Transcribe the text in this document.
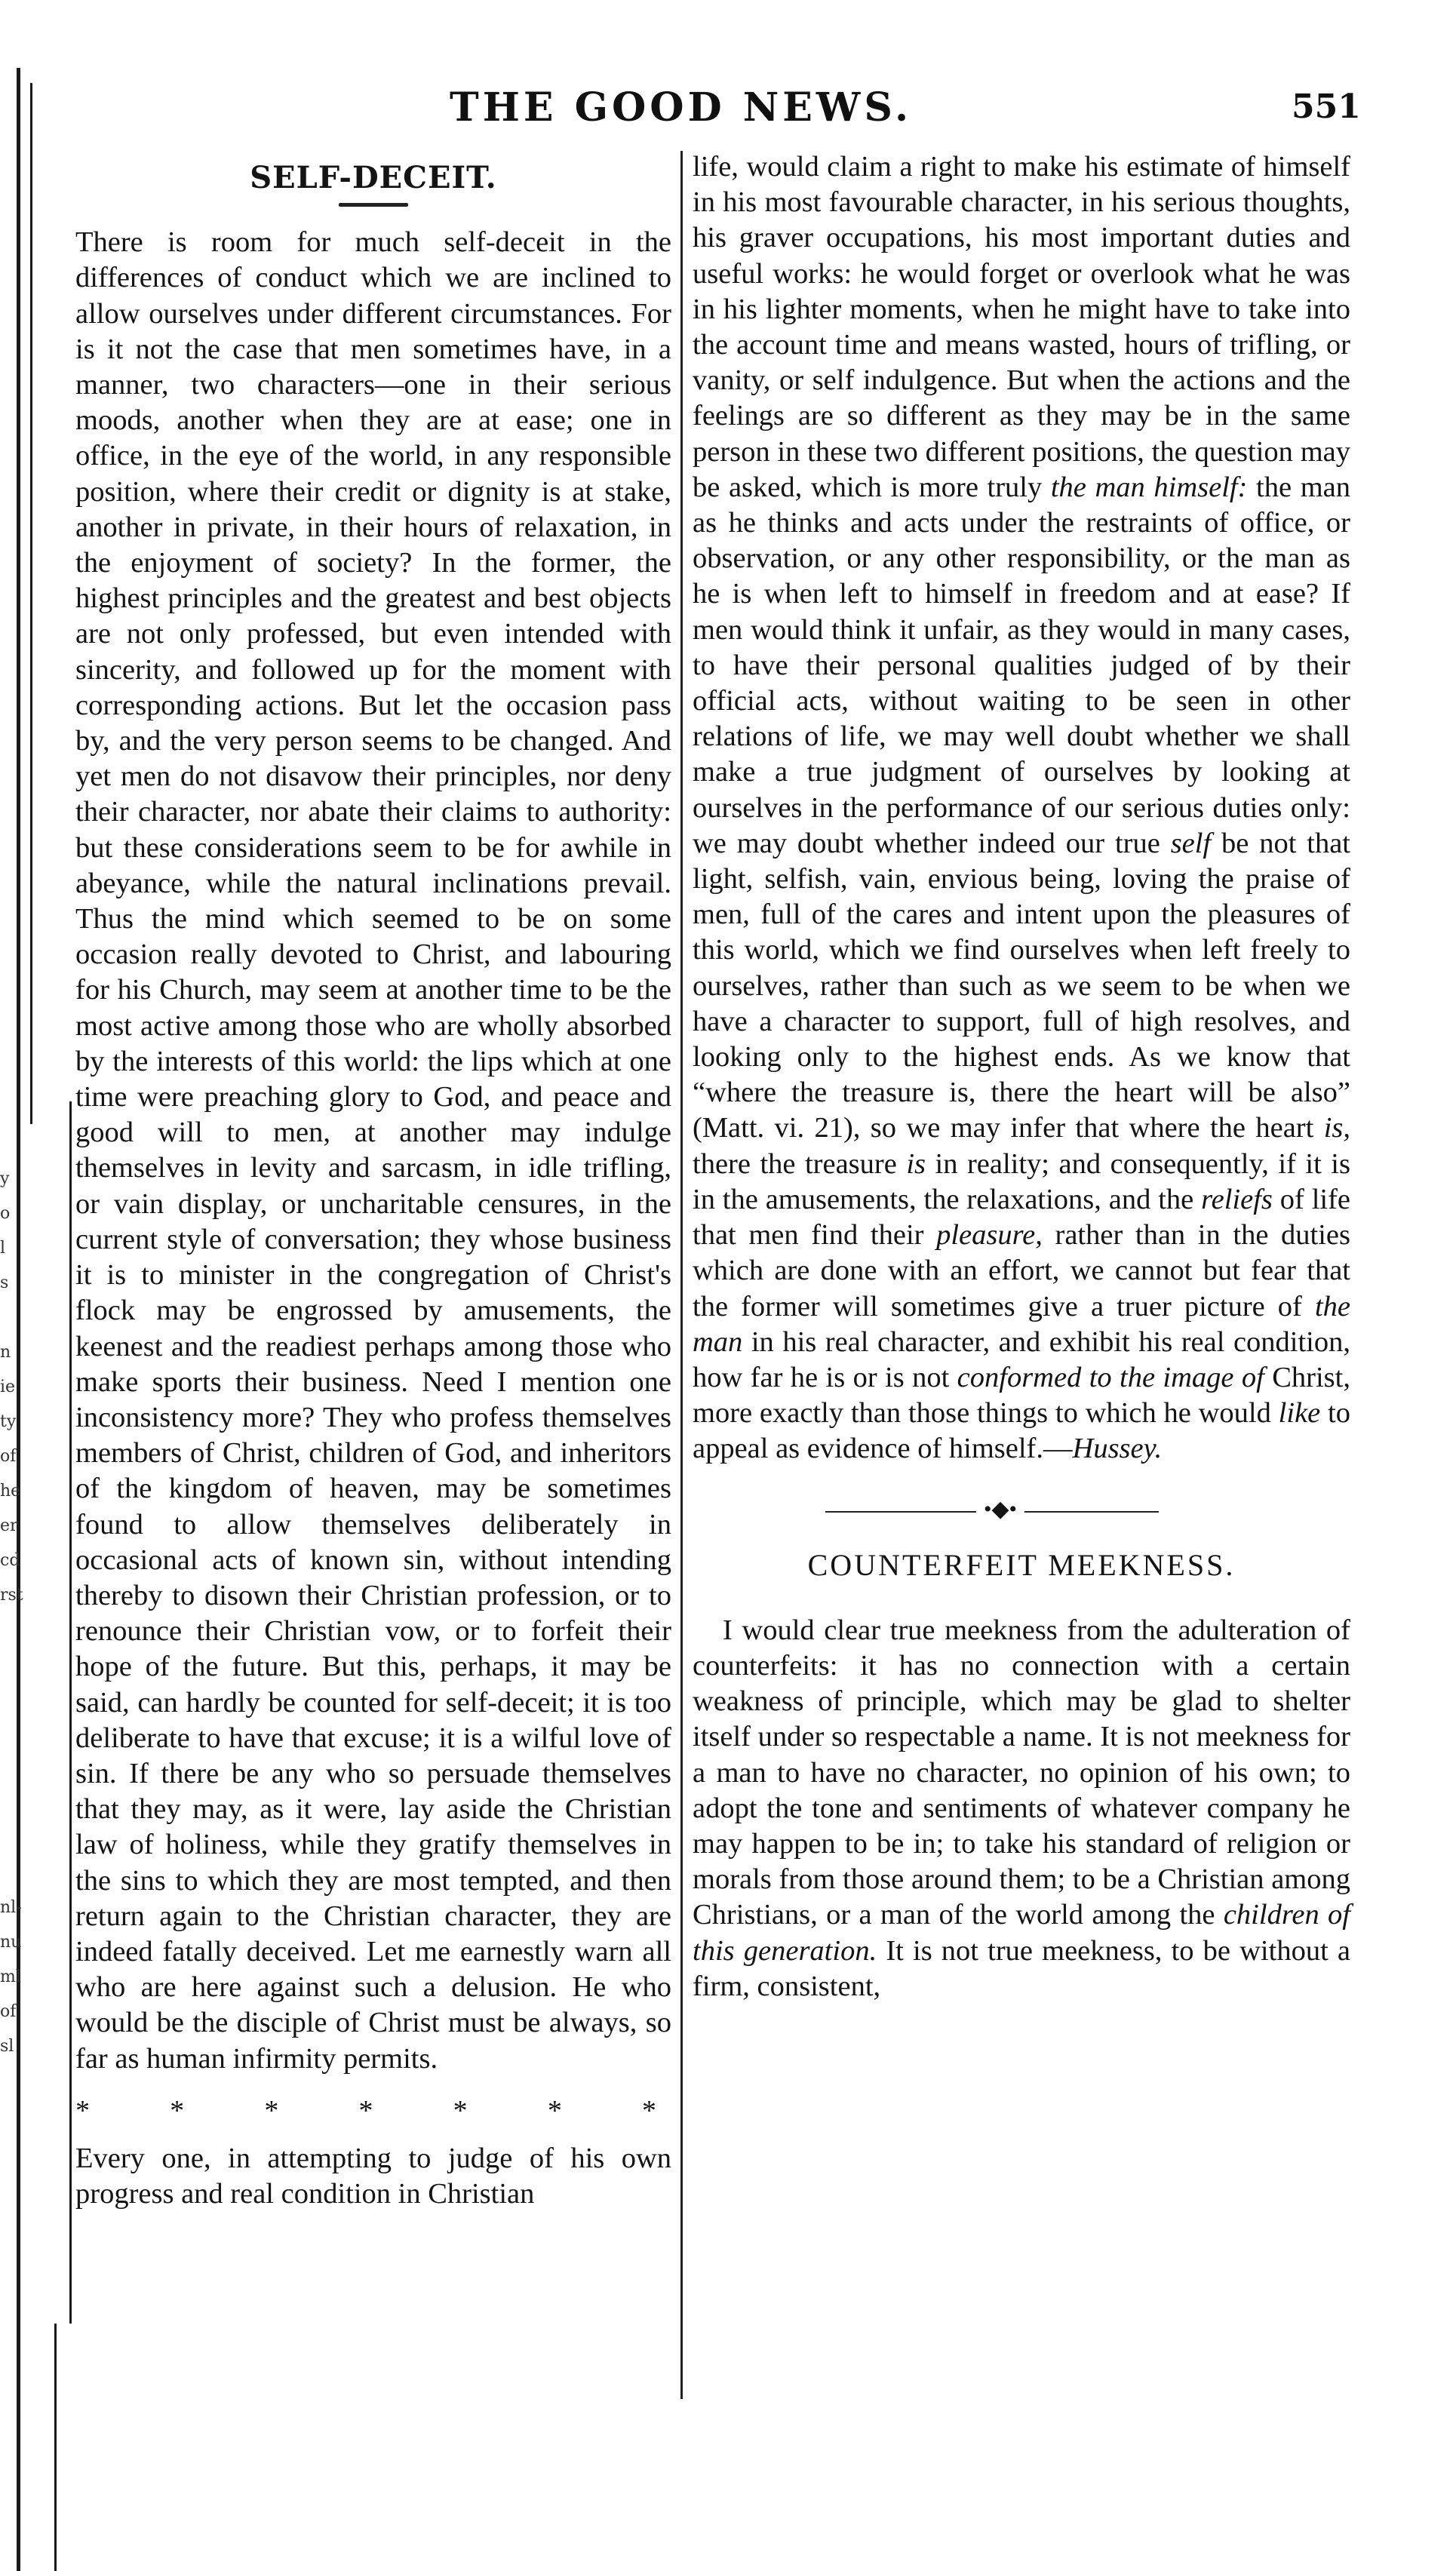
y
o
l
s

n
ie
ty
of
he
er
cd
rst

nl-
nu
ml
of
sl
THE GOOD NEWS.	551
SELF-DECEIT.

There is room for much self-deceit in the differences of conduct which we are inclined to allow ourselves under different circumstances. For is it not the case that men sometimes have, in a manner, two characters—one in their serious moods, another when they are at ease; one in office, in the eye of the world, in any responsible position, where their credit or dignity is at stake, another in private, in their hours of relaxation, in the enjoyment of society? In the former, the highest principles and the greatest and best objects are not only professed, but even intended with sincerity, and followed up for the moment with corresponding actions. But let the occasion pass by, and the very person seems to be changed. And yet men do not disavow their principles, nor deny their character, nor abate their claims to authority: but these considerations seem to be for awhile in abeyance, while the natural inclinations prevail. Thus the mind which seemed to be on some occasion really devoted to Christ, and labouring for his Church, may seem at another time to be the most active among those who are wholly absorbed by the interests of this world: the lips which at one time were preaching glory to God, and peace and good will to men, at another may indulge themselves in levity and sarcasm, in idle trifling, or vain display, or uncharitable censures, in the current style of conversation; they whose business it is to minister in the congregation of Christ's flock may be engrossed by amusements, the keenest and the readiest perhaps among those who make sports their business. Need I mention one inconsistency more? They who profess themselves members of Christ, children of God, and inheritors of the kingdom of heaven, may be sometimes found to allow themselves deliberately in occasional acts of known sin, without intending thereby to disown their Christian profession, or to renounce their Christian vow, or to forfeit their hope of the future. But this, perhaps, it may be said, can hardly be counted for self-deceit; it is too deliberate to have that excuse; it is a wilful love of sin. If there be any who so persuade themselves that they may, as it were, lay aside the Christian law of holiness, while they gratify themselves in the sins to which they are most tempted, and then return again to the Christian character, they are indeed fatally deceived. Let me earnestly warn all who are here against such a delusion. He who would be the disciple of Christ must be always, so far as human infirmity permits.

*    *    *    *    *    *    *

Every one, in attempting to judge of his own progress and real condition in Christian

life, would claim a right to make his estimate of himself in his most favourable character, in his serious thoughts, his graver occupations, his most important duties and useful works: he would forget or overlook what he was in his lighter moments, when he might have to take into the account time and means wasted, hours of trifling, or vanity, or self indulgence. But when the actions and the feelings are so different as they may be in the same person in these two different positions, the question may be asked, which is more truly the man himself: the man as he thinks and acts under the restraints of office, or observation, or any other responsibility, or the man as he is when left to himself in freedom and at ease? If men would think it unfair, as they would in many cases, to have their personal qualities judged of by their official acts, without waiting to be seen in other relations of life, we may well doubt whether we shall make a true judgment of ourselves by looking at ourselves in the performance of our serious duties only: we may doubt whether indeed our true self be not that light, selfish, vain, envious being, loving the praise of men, full of the cares and intent upon the pleasures of this world, which we find ourselves when left freely to ourselves, rather than such as we seem to be when we have a character to support, full of high resolves, and looking only to the highest ends. As we know that “where the treasure is, there the heart will be also” (Matt. vi. 21), so we may infer that where the heart is, there the treasure is in reality; and consequently, if it is in the amusements, the relaxations, and the reliefs of life that men find their pleasure, rather than in the duties which are done with an effort, we cannot but fear that the former will sometimes give a truer picture of the man in his real character, and exhibit his real condition, how far he is or is not conformed to the image of Christ, more exactly than those things to which he would like to appeal as evidence of himself.—Hussey.

•◆•
COUNTERFEIT MEEKNESS.

I would clear true meekness from the adulteration of counterfeits: it has no connection with a certain weakness of principle, which may be glad to shelter itself under so respectable a name. It is not meekness for a man to have no character, no opinion of his own; to adopt the tone and sentiments of whatever company he may happen to be in; to take his standard of religion or morals from those around them; to be a Christian among Christians, or a man of the world among the children of this generation. It is not true meekness, to be without a firm, consistent,
